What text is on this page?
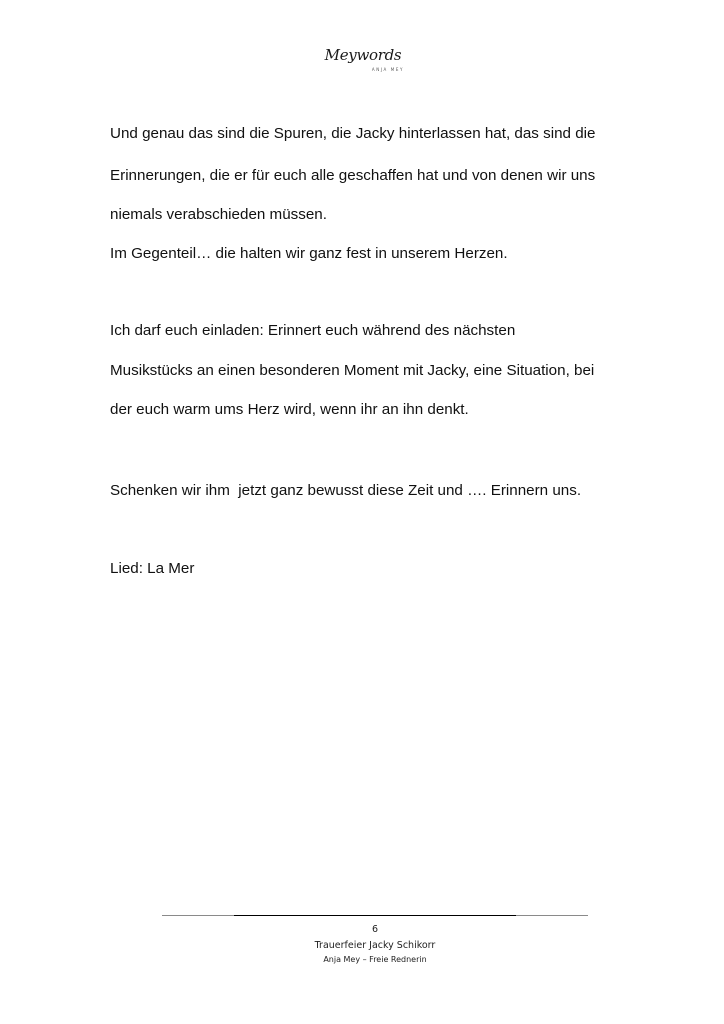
Meywords
ANJA MEY
Und genau das sind die Spuren, die Jacky hinterlassen hat, das sind die
Erinnerungen, die er für euch alle geschaffen hat und von denen wir uns
niemals verabschieden müssen.
Im Gegenteil… die halten wir ganz fest in unserem Herzen.
Ich darf euch einladen: Erinnert euch während des nächsten
Musikstücks an einen besonderen Moment mit Jacky, eine Situation, bei
der euch warm ums Herz wird, wenn ihr an ihn denkt.
Schenken wir ihm  jetzt ganz bewusst diese Zeit und …. Erinnern uns.
Lied: La Mer
6
Trauerfeier Jacky Schikorr
Anja Mey – Freie Rednerin
